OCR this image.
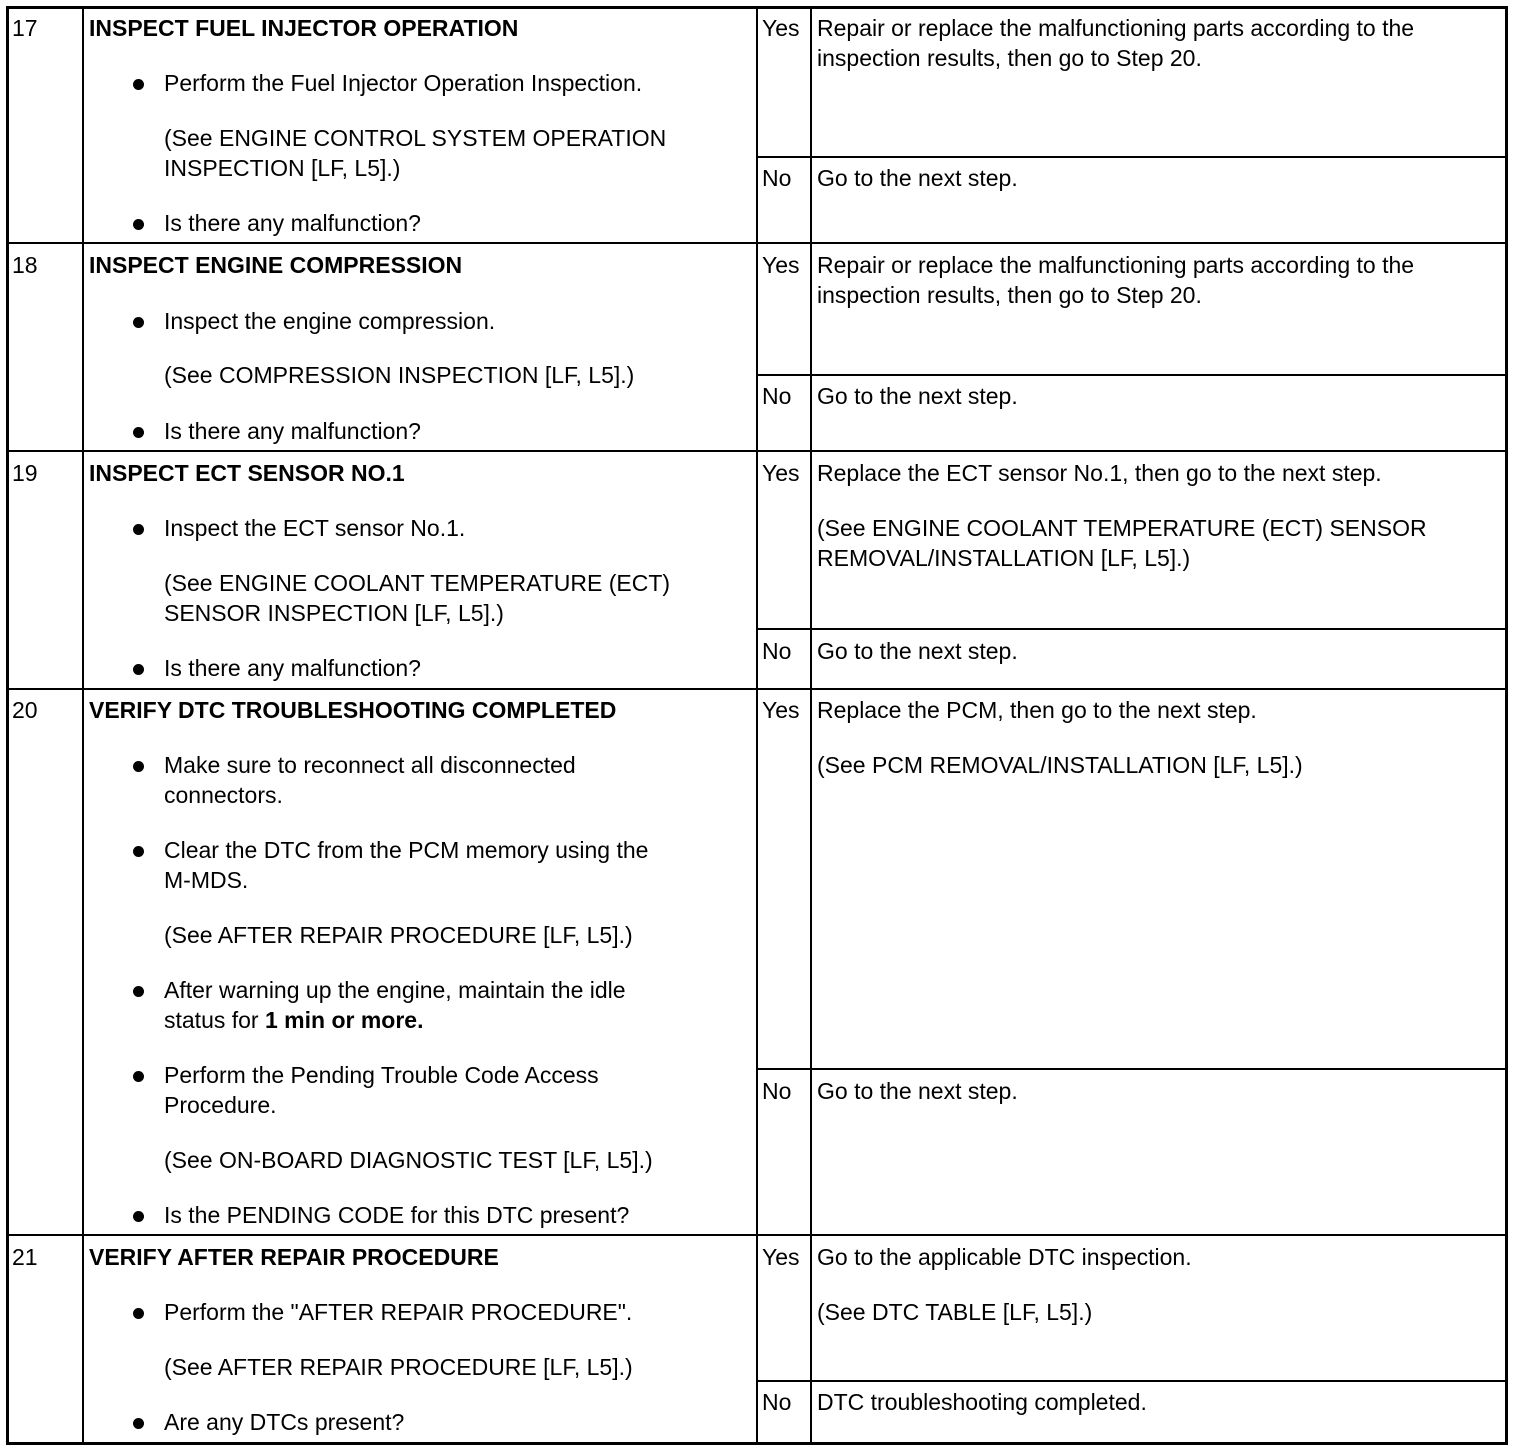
17 INSPECT FUEL INJECTOR OPERATION
Perform the Fuel Injector Operation Inspection.
(See ENGINE CONTROL SYSTEM OPERATION
INSPECTION [LF, L5].)
Is there any malfunction?
Yes Repair or replace the malfunctioning parts according to the
inspection results, then go to Step 20.
No Go to the next step.
18 INSPECT ENGINE COMPRESSION
Inspect the engine compression.
(See COMPRESSION INSPECTION [LF, L5].)
Is there any malfunction?
Yes Repair or replace the malfunctioning parts according to the
inspection results, then go to Step 20.
No Go to the next step.
19 INSPECT ECT SENSOR NO.1
Inspect the ECT sensor No.1.
(See ENGINE COOLANT TEMPERATURE (ECT)
SENSOR INSPECTION [LF, L5].)
Is there any malfunction?
Yes Replace the ECT sensor No.1, then go to the next step.
(See ENGINE COOLANT TEMPERATURE (ECT) SENSOR
REMOVAL/INSTALLATION [LF, L5].)
No Go to the next step.
20 VERIFY DTC TROUBLESHOOTING COMPLETED
Make sure to reconnect all disconnected
connectors.
Clear the DTC from the PCM memory using the
M-MDS.
(See AFTER REPAIR PROCEDURE [LF, L5].)
After warning up the engine, maintain the idle
status for 1 min or more.
Perform the Pending Trouble Code Access
Procedure.
(See ON-BOARD DIAGNOSTIC TEST [LF, L5].)
Is the PENDING CODE for this DTC present?
Yes Replace the PCM, then go to the next step.
(See PCM REMOVAL/INSTALLATION [LF, L5].)
No Go to the next step.
21 VERIFY AFTER REPAIR PROCEDURE
Perform the "AFTER REPAIR PROCEDURE".
(See AFTER REPAIR PROCEDURE [LF, L5].)
Are any DTCs present?
Yes Go to the applicable DTC inspection.
(See DTC TABLE [LF, L5].)
No DTC troubleshooting completed.
